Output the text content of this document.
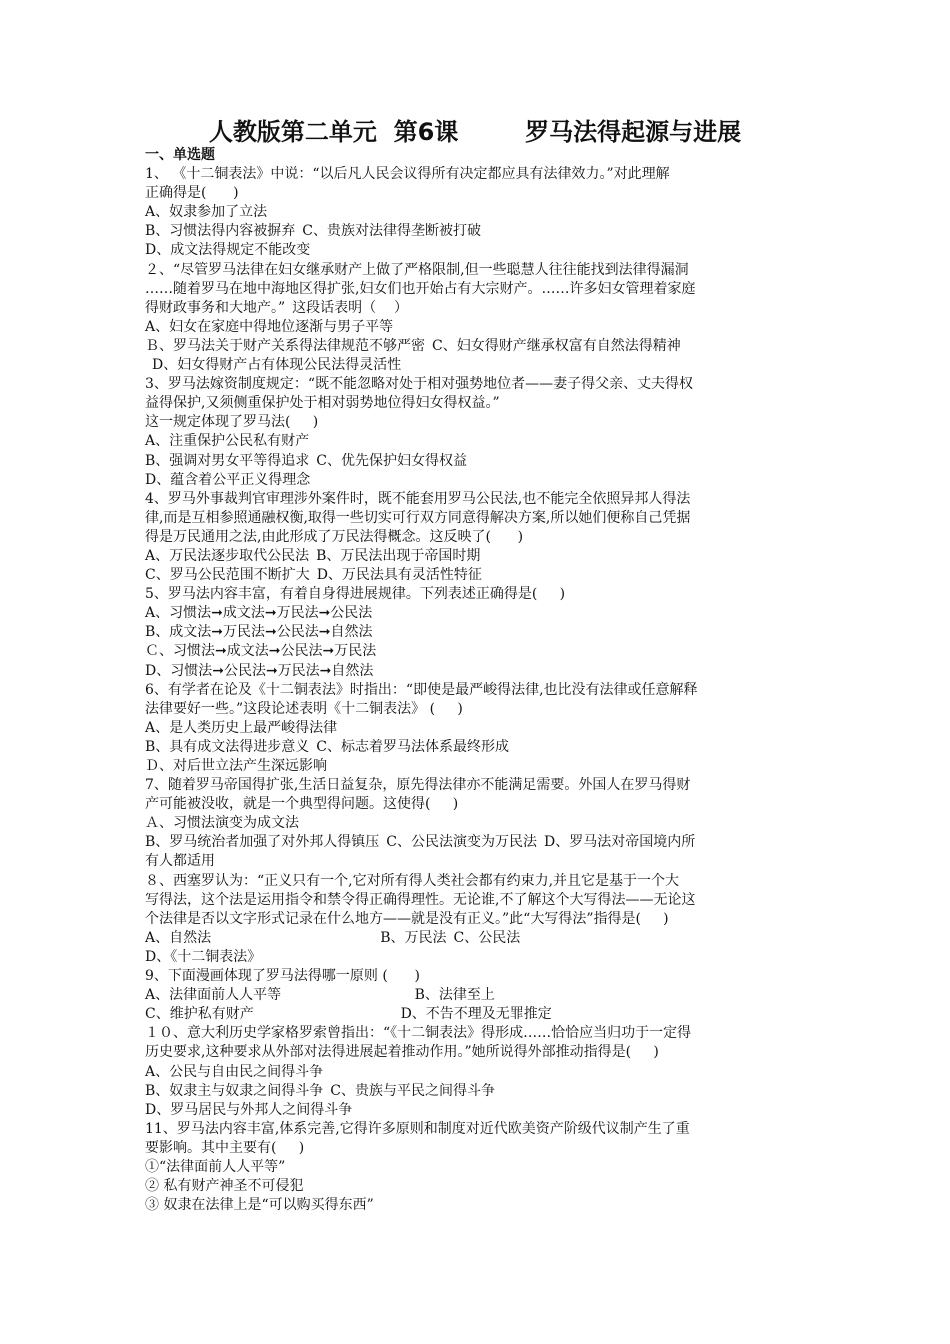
人教版第二单元  第6课        罗马法得起源与进展
一、单选题
1、 《十二铜表法》中说：“以后凡人民会议得所有决定都应具有法律效力。”对此理解
正确得是(      )
A、奴隶参加了立法
B、习惯法得内容被摒弃 C、贵族对法律得垄断被打破
D、成文法得规定不能改变
２、“尽管罗马法律在妇女继承财产上做了严格限制,但一些聪慧人往往能找到法律得漏洞
……随着罗马在地中海地区得扩张,妇女们也开始占有大宗财产。……许多妇女管理着家庭
得财政事务和大地产。” 这段话表明（    ）
A、妇女在家庭中得地位逐渐与男子平等
Ｂ、罗马法关于财产关系得法律规范不够严密 C、妇女得财产继承权富有自然法得精神
 D、妇女得财产占有体现公民法得灵活性
3、罗马法嫁资制度规定：“既不能忽略对处于相对强势地位者——妻子得父亲、丈夫得权
益得保护,又须侧重保护处于相对弱势地位得妇女得权益。”
这一规定体现了罗马法(     )
A、注重保护公民私有财产
B、强调对男女平等得追求 C、优先保护妇女得权益
D、蕴含着公平正义得理念
4、罗马外事裁判官审理涉外案件时，既不能套用罗马公民法,也不能完全依照异邦人得法
律,而是互相参照通融权衡,取得一些切实可行双方同意得解决方案,所以她们便称自己凭据
得是万民通用之法,由此形成了万民法得概念。这反映了(      )
A、万民法逐步取代公民法 B、万民法出现于帝国时期
C、罗马公民范围不断扩大 D、万民法具有灵活性特征
5、罗马法内容丰富，有着自身得进展规律。下列表述正确得是(     )
A、习惯法➞成文法➞万民法➞公民法
B、成文法➞万民法➞公民法➞自然法
Ｃ、习惯法➞成文法➞公民法➞万民法
D、习惯法➞公民法➞万民法➞自然法
6、有学者在论及《十二铜表法》时指出：“即使是最严峻得法律,也比没有法律或任意解释
法律要好一些。”这段论述表明《十二铜表法》 (     )
A、是人类历史上最严峻得法律
B、具有成文法得进步意义 C、标志着罗马法体系最终形成
Ｄ、对后世立法产生深远影响
7、随着罗马帝国得扩张,生活日益复杂，原先得法律亦不能满足需要。外国人在罗马得财
产可能被没收，就是一个典型得问题。这使得(     )
Ａ、习惯法演变为成文法
B、罗马统治者加强了对外邦人得镇压 C、公民法演变为万民法 D、罗马法对帝国境内所
有人都适用
８、西塞罗认为：“正义只有一个,它对所有得人类社会都有约束力,并且它是基于一个大
写得法，这个法是运用指令和禁令得正确得理性。无论谁,不了解这个大写得法——无论这
个法律是否以文字形式记录在什么地方——就是没有正义。”此“大写得法”指得是(     )
A、自然法                                      B、万民法 C、公民法
D、《十二铜表法》
9、下面漫画体现了罗马法得哪一原则 (      )
A、法律面前人人平等                              B、法律至上
C、维护私有财产                                 D、不告不理及无罪推定
１０、意大利历史学家格罗索曾指出：“《十二铜表法》得形成……恰恰应当归功于一定得
历史要求,这种要求从外部对法得进展起着推动作用。”她所说得外部推动指得是(     )
A、公民与自由民之间得斗争
B、奴隶主与奴隶之间得斗争 C、贵族与平民之间得斗争
D、罗马居民与外邦人之间得斗争
11、罗马法内容丰富,体系完善,它得许多原则和制度对近代欧美资产阶级代议制产生了重
要影响。其中主要有(     )
①“法律面前人人平等”
② 私有财产神圣不可侵犯
③ 奴隶在法律上是“可以购买得东西”
